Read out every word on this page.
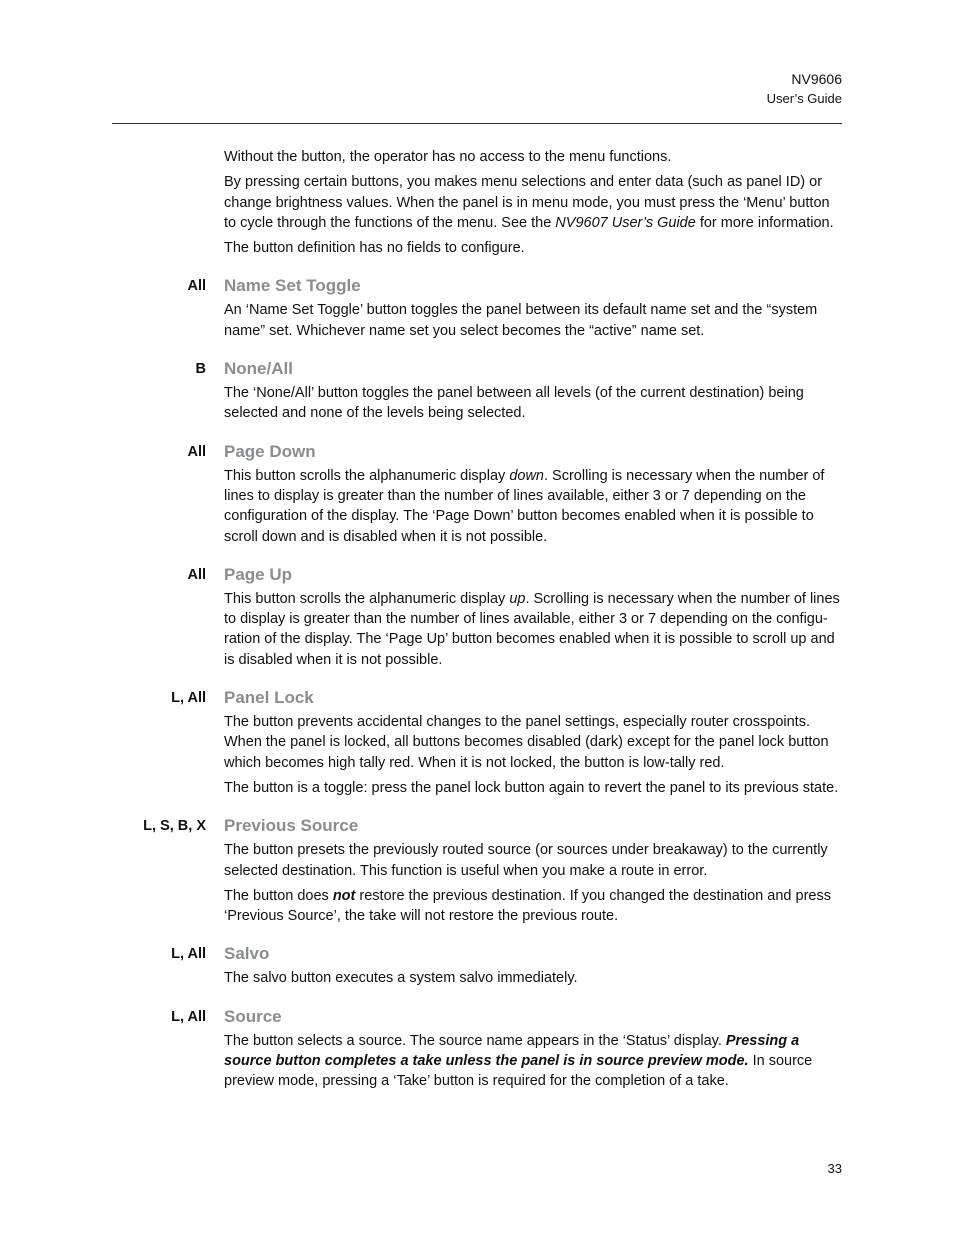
NV9606
User’s Guide

Without the button, the operator has no access to the menu functions.

By pressing certain buttons, you makes menu selections and enter data (such as panel ID) or change brightness values. When the panel is in menu mode, you must press the ‘Menu’ button to cycle through the functions of the menu. See the NV9607 User’s Guide for more information.

The button definition has no fields to configure.

All Name Set Toggle

An ‘Name Set Toggle’ button toggles the panel between its default name set and the “system name” set. Whichever name set you select becomes the “active” name set.

B None/All

The ‘None/All’ button toggles the panel between all levels (of the current destination) being selected and none of the levels being selected.

All Page Down

This button scrolls the alphanumeric display down. Scrolling is necessary when the number of lines to display is greater than the number of lines available, either 3 or 7 depending on the configuration of the display. The ‘Page Down’ button becomes enabled when it is possible to scroll down and is disabled when it is not possible.

All Page Up

This button scrolls the alphanumeric display up. Scrolling is necessary when the number of lines to display is greater than the number of lines available, either 3 or 7 depending on the configuration of the display. The ‘Page Up’ button becomes enabled when it is possible to scroll up and is disabled when it is not possible.

L, All Panel Lock

The button prevents accidental changes to the panel settings, especially router crosspoints. When the panel is locked, all buttons becomes disabled (dark) except for the panel lock button which becomes high tally red. When it is not locked, the button is low-tally red.

The button is a toggle: press the panel lock button again to revert the panel to its previous state.

L, S, B, X Previous Source

The button presets the previously routed source (or sources under breakaway) to the currently selected destination. This function is useful when you make a route in error.

The button does not restore the previous destination. If you changed the destination and press ‘Previous Source’, the take will not restore the previous route.

L, All Salvo

The salvo button executes a system salvo immediately.

L, All Source

The button selects a source. The source name appears in the ‘Status’ display. Pressing a source button completes a take unless the panel is in source preview mode. In source preview mode, pressing a ‘Take’ button is required for the completion of a take.

33
